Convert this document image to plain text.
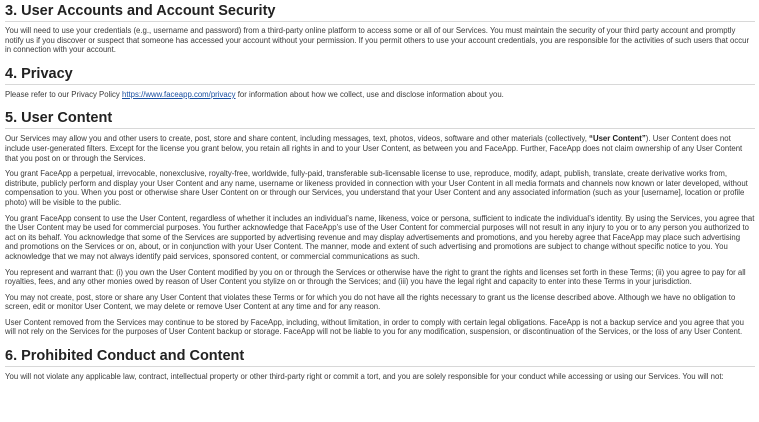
3. User Accounts and Account Security

You will need to use your credentials (e.g., username and password) from a third-party online platform to access some or all of our Services. You must maintain the security of your third party account and promptly notify us if you discover or suspect that someone has accessed your account without your permission. If you permit others to use your account credentials, you are responsible for the activities of such users that occur in connection with your account.

4. Privacy

Please refer to our Privacy Policy https://www.faceapp.com/privacy for information about how we collect, use and disclose information about you.

5. User Content

Our Services may allow you and other users to create, post, store and share content, including messages, text, photos, videos, software and other materials (collectively, “User Content”). User Content does not include user-generated filters. Except for the license you grant below, you retain all rights in and to your User Content, as between you and FaceApp. Further, FaceApp does not claim ownership of any User Content that you post on or through the Services.

You grant FaceApp a perpetual, irrevocable, nonexclusive, royalty-free, worldwide, fully-paid, transferable sub-licensable license to use, reproduce, modify, adapt, publish, translate, create derivative works from, distribute, publicly perform and display your User Content and any name, username or likeness provided in connection with your User Content in all media formats and channels now known or later developed, without compensation to you. When you post or otherwise share User Content on or through our Services, you understand that your User Content and any associated information (such as your [username], location or profile photo) will be visible to the public.

You grant FaceApp consent to use the User Content, regardless of whether it includes an individual’s name, likeness, voice or persona, sufficient to indicate the individual’s identity. By using the Services, you agree that the User Content may be used for commercial purposes. You further acknowledge that FaceApp’s use of the User Content for commercial purposes will not result in any injury to you or to any person you authorized to act on its behalf. You acknowledge that some of the Services are supported by advertising revenue and may display advertisements and promotions, and you hereby agree that FaceApp may place such advertising and promotions on the Services or on, about, or in conjunction with your User Content. The manner, mode and extent of such advertising and promotions are subject to change without specific notice to you. You acknowledge that we may not always identify paid services, sponsored content, or commercial communications as such.

You represent and warrant that: (i) you own the User Content modified by you on or through the Services or otherwise have the right to grant the rights and licenses set forth in these Terms; (ii) you agree to pay for all royalties, fees, and any other monies owed by reason of User Content you stylize on or through the Services; and (iii) you have the legal right and capacity to enter into these Terms in your jurisdiction.

You may not create, post, store or share any User Content that violates these Terms or for which you do not have all the rights necessary to grant us the license described above. Although we have no obligation to screen, edit or monitor User Content, we may delete or remove User Content at any time and for any reason.

User Content removed from the Services may continue to be stored by FaceApp, including, without limitation, in order to comply with certain legal obligations. FaceApp is not a backup service and you agree that you will not rely on the Services for the purposes of User Content backup or storage. FaceApp will not be liable to you for any modification, suspension, or discontinuation of the Services, or the loss of any User Content.

6. Prohibited Conduct and Content

You will not violate any applicable law, contract, intellectual property or other third-party right or commit a tort, and you are solely responsible for your conduct while accessing or using our Services. You will not:
